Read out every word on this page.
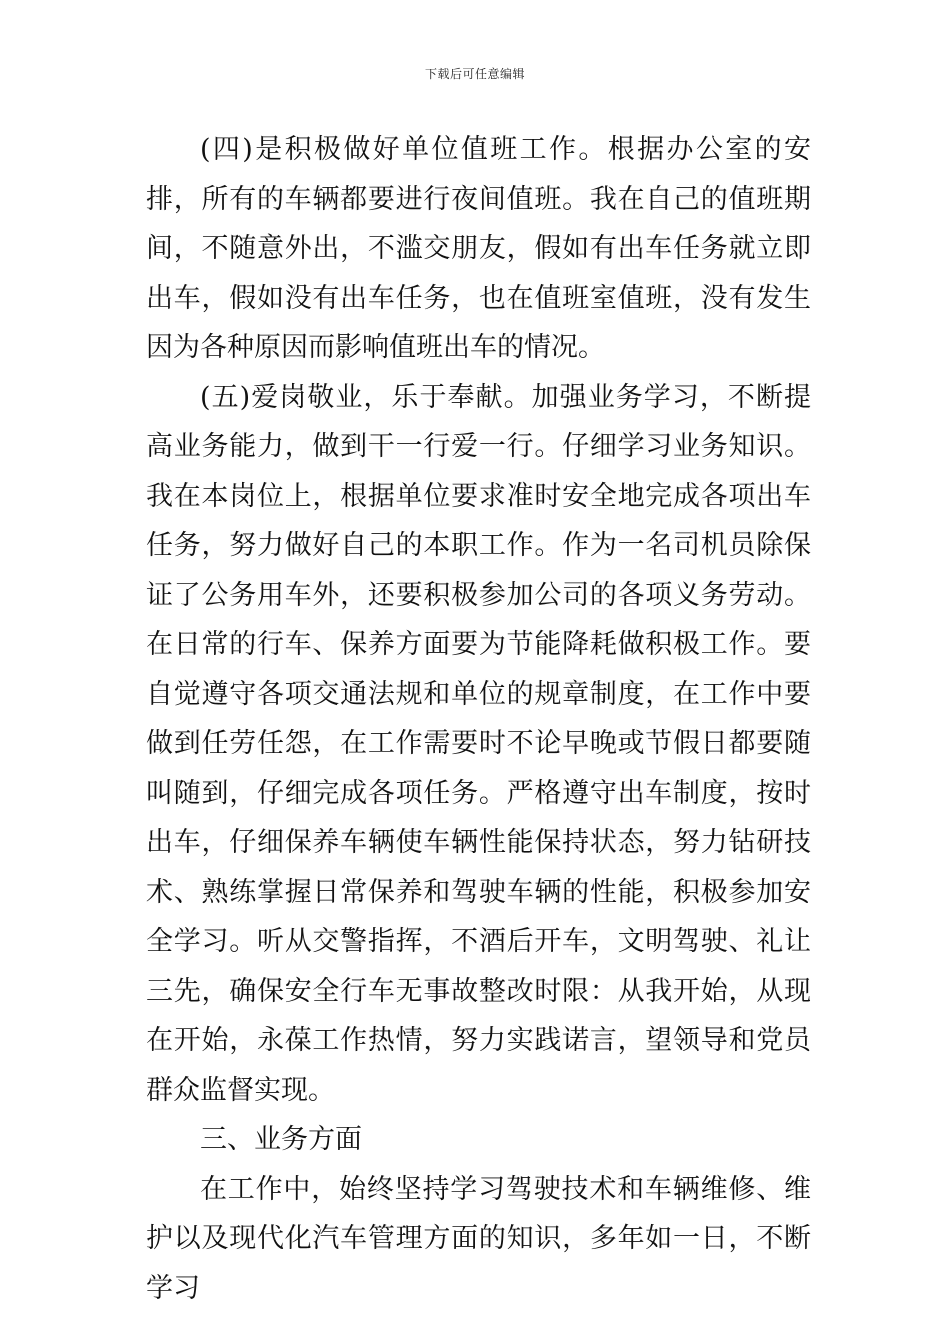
下载后可任意编辑

(四)是积极做好单位值班工作。根据办公室的安排，所有的车辆都要进行夜间值班。我在自己的值班期间，不随意外出，不滥交朋友，假如有出车任务就立即出车，假如没有出车任务，也在值班室值班，没有发生因为各种原因而影响值班出车的情况。

(五)爱岗敬业，乐于奉献。加强业务学习，不断提高业务能力，做到干一行爱一行。仔细学习业务知识。我在本岗位上，根据单位要求准时安全地完成各项出车任务，努力做好自己的本职工作。作为一名司机员除保证了公务用车外，还要积极参加公司的各项义务劳动。在日常的行车、保养方面要为节能降耗做积极工作。要自觉遵守各项交通法规和单位的规章制度，在工作中要做到任劳任怨，在工作需要时不论早晚或节假日都要随叫随到，仔细完成各项任务。严格遵守出车制度，按时出车，仔细保养车辆使车辆性能保持状态，努力钻研技术、熟练掌握日常保养和驾驶车辆的性能，积极参加安全学习。听从交警指挥，不酒后开车，文明驾驶、礼让三先，确保安全行车无事故整改时限：从我开始，从现在开始，永葆工作热情，努力实践诺言，望领导和党员群众监督实现。

三、业务方面

在工作中，始终坚持学习驾驶技术和车辆维修、维护以及现代化汽车管理方面的知识，多年如一日，不断学习
